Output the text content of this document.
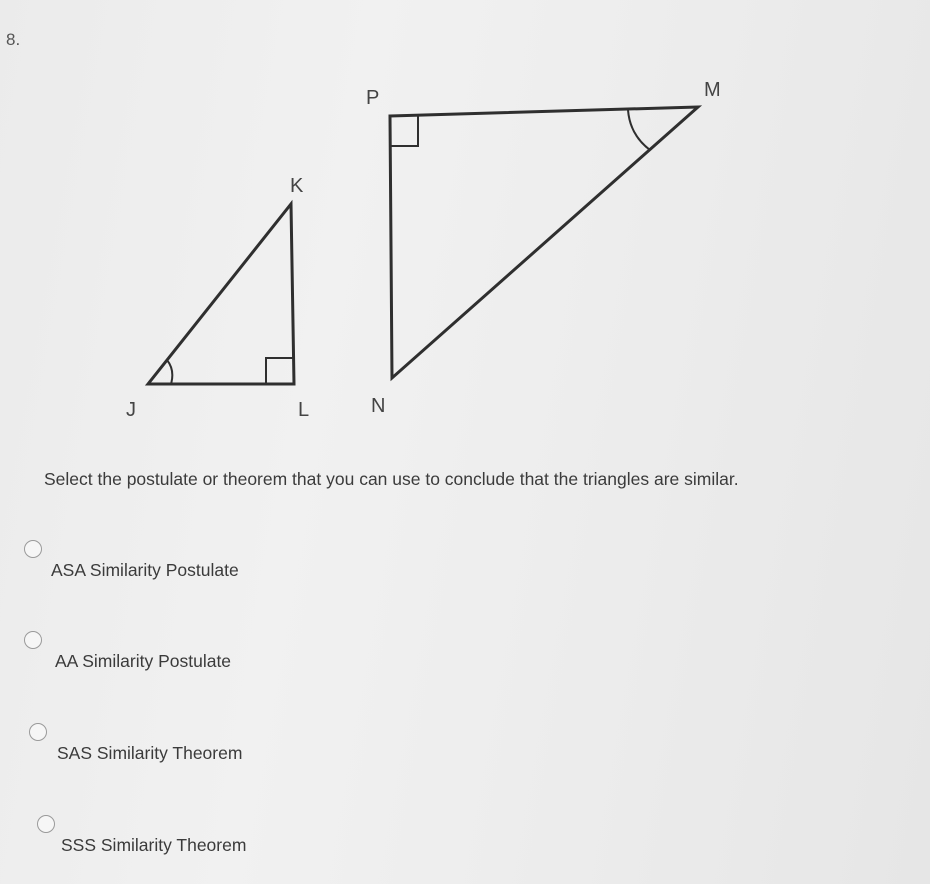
8.
K
J	L
P	M
N
Select the postulate or theorem that you can use to conclude that the triangles are similar.
ASA Similarity Postulate
AA Similarity Postulate
SAS Similarity Theorem
SSS Similarity Theorem
